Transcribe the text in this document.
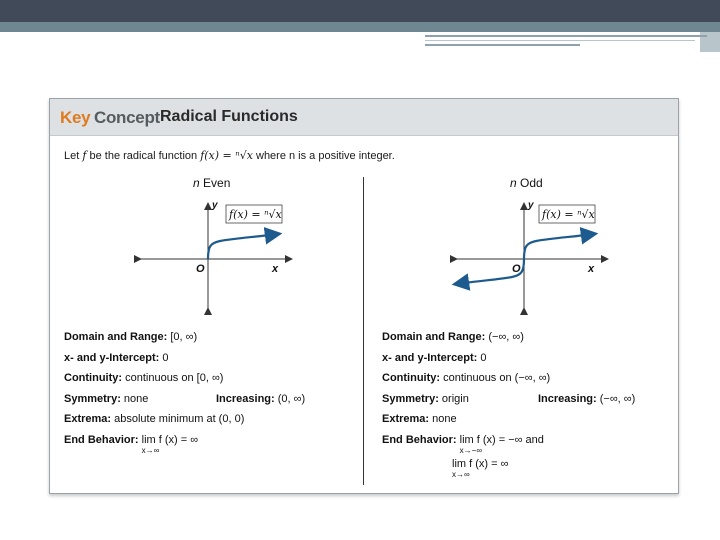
Key Concept Radical Functions
Let f be the radical function f(x) = ⁿ√x where n is a positive integer.
n Even
f(x) = ⁿ√x
y
x
O
Domain and Range: [0, ∞)
x- and y-Intercept: 0
Continuity: continuous on [0, ∞)
Symmetry: none	Increasing: (0, ∞)
Extrema: absolute minimum at (0, 0)
End Behavior: lim
x→∞
f (x) = ∞
n Odd
f(x) = ⁿ√x
y
x
O
Domain and Range: (−∞, ∞)
x- and y-Intercept: 0
Continuity: continuous on (−∞, ∞)
Symmetry: origin	Increasing: (−∞, ∞)
Extrema: none
End Behavior: lim
x→−∞
f (x) = −∞ and
lim
x→∞
f (x) = ∞
